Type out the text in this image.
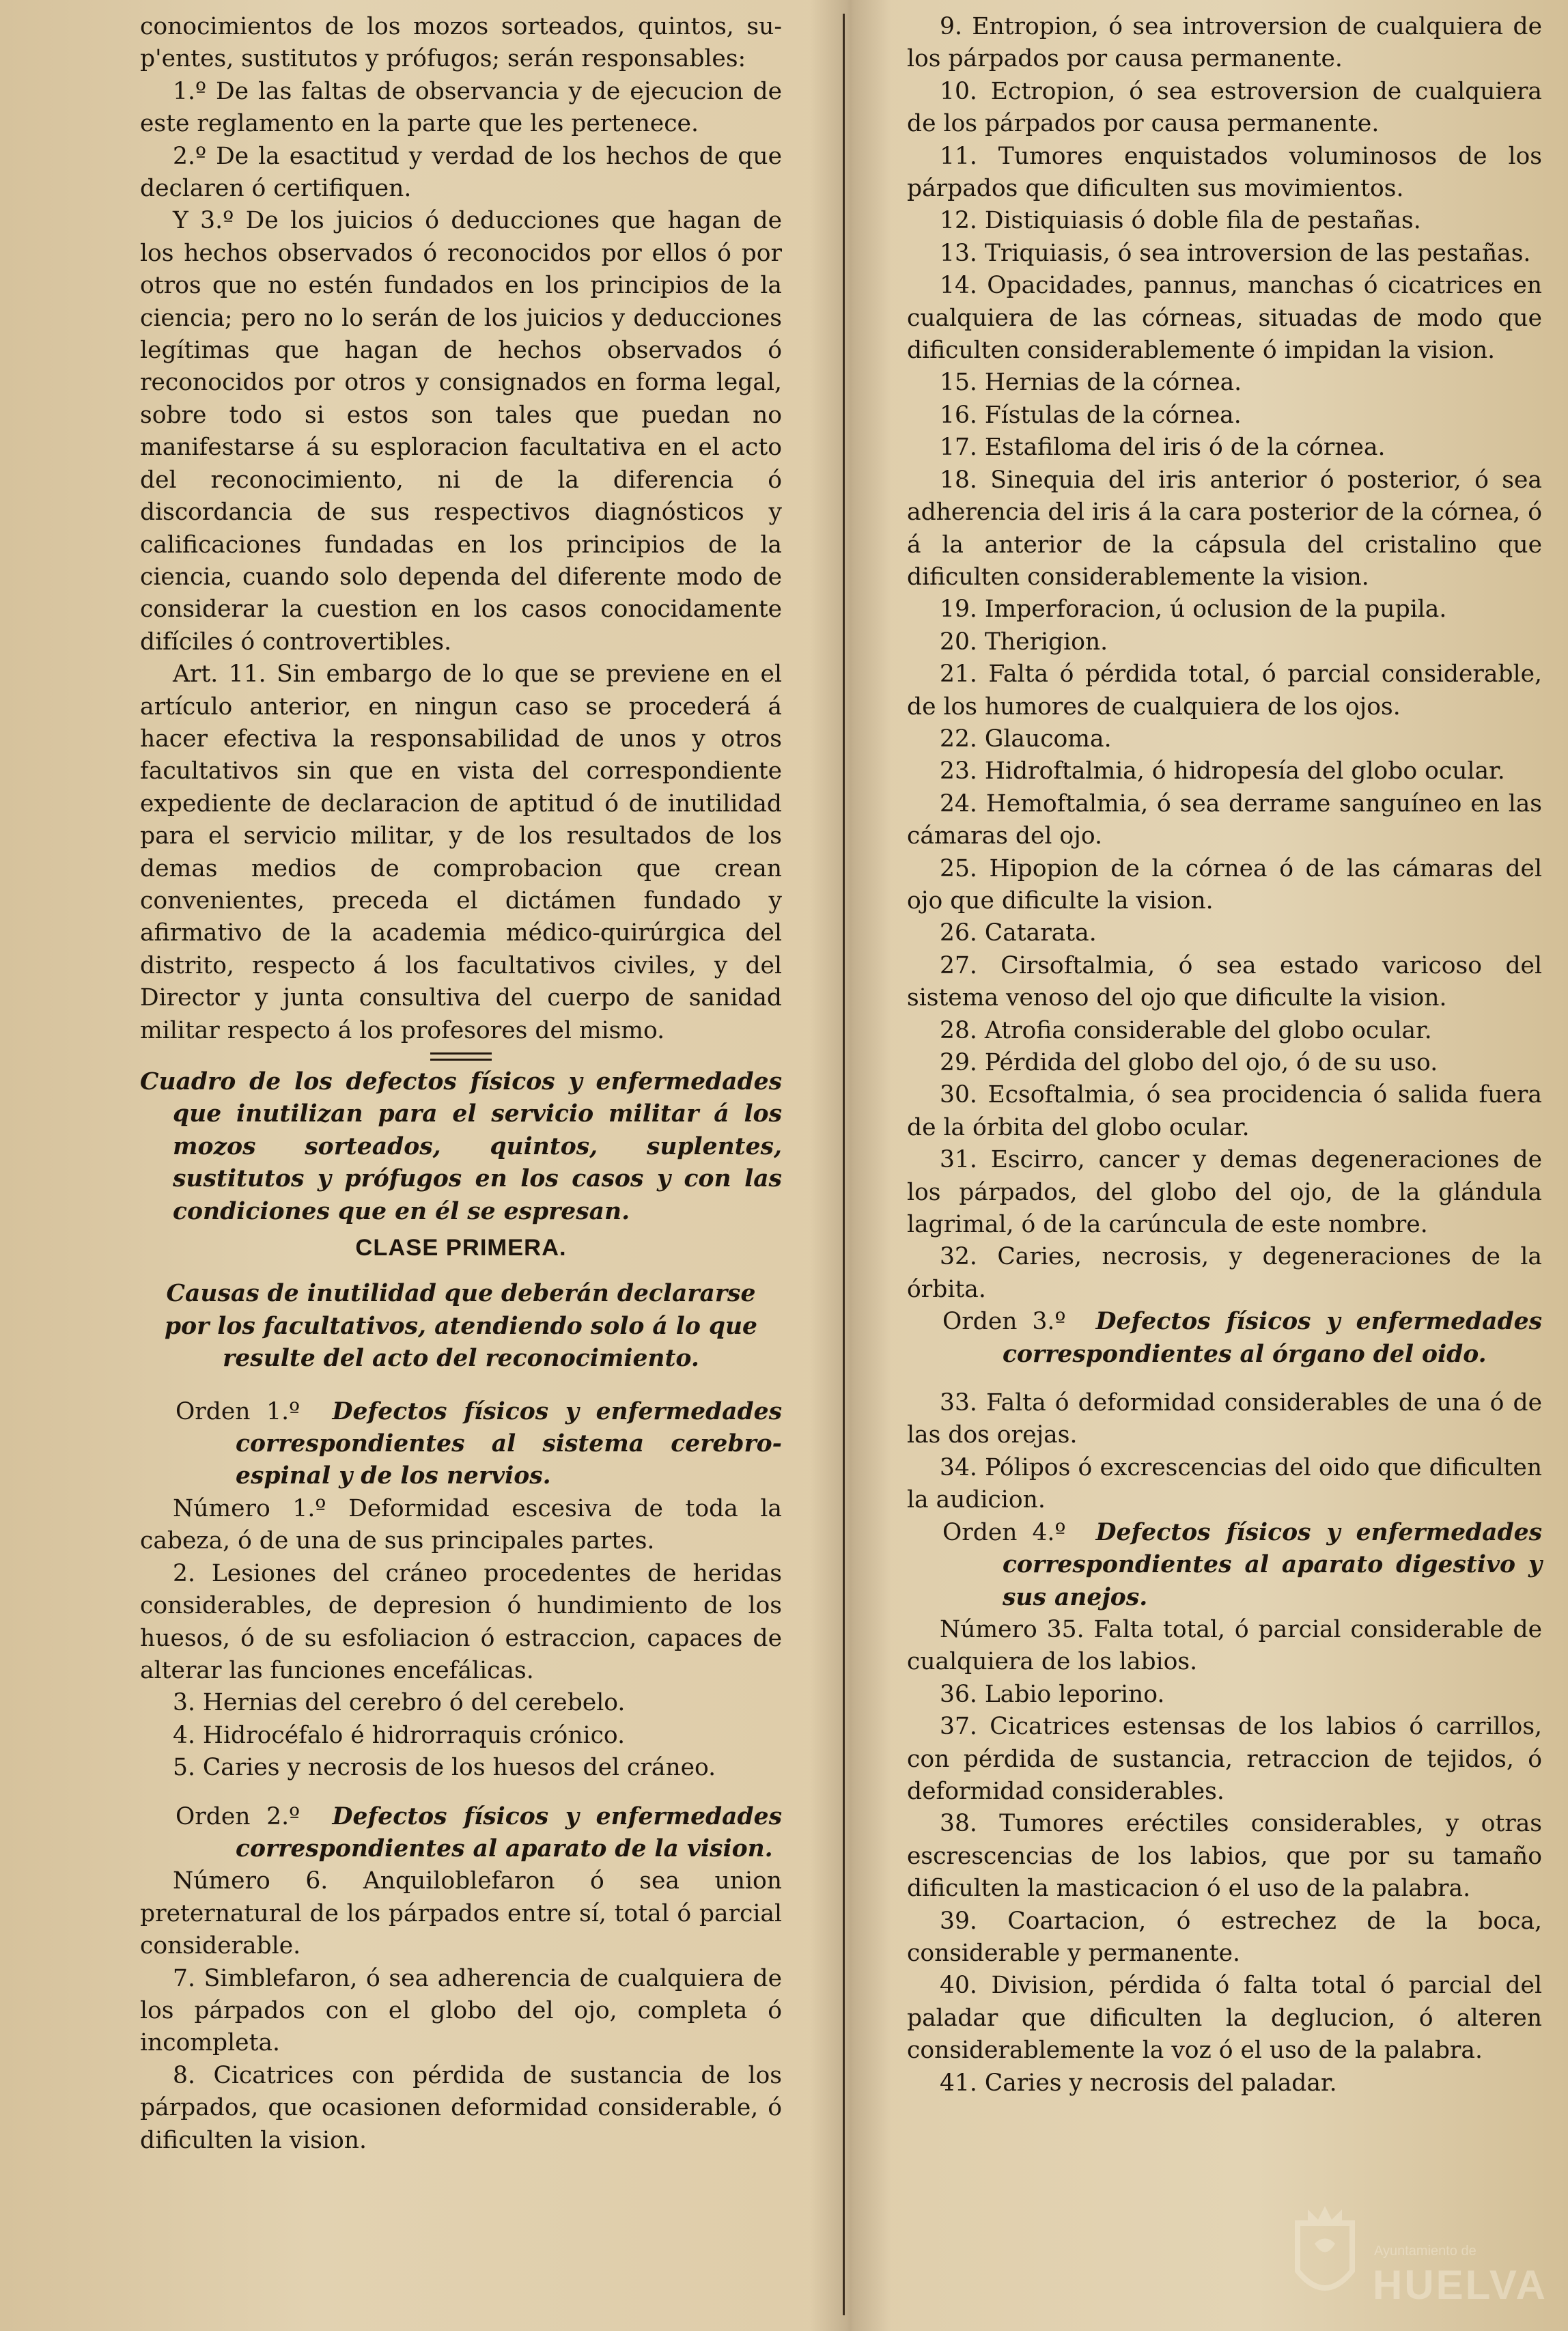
conocimientos de los mozos sorteados, quintos, su-p'entes, sustitutos y prófugos; serán responsables:

1.º De las faltas de observancia y de ejecucion de este reglamento en la parte que les pertenece.

2.º De la esactitud y verdad de los hechos de que declaren ó certifiquen.

Y 3.º De los juicios ó deducciones que hagan de los hechos observados ó reconocidos por ellos ó por otros que no estén fundados en los principios de la ciencia; pero no lo serán de los juicios y deducciones legítimas que hagan de hechos observados ó reconocidos por otros y consignados en forma legal, sobre todo si estos son tales que puedan no manifestarse á su esploracion facultativa en el acto del reconocimiento, ni de la diferencia ó discordancia de sus respectivos diagnósticos y calificaciones fundadas en los principios de la ciencia, cuando solo dependa del diferente modo de considerar la cuestion en los casos conocidamente difíciles ó controvertibles.

Art. 11. Sin embargo de lo que se previene en el artículo anterior, en ningun caso se procederá á hacer efectiva la responsabilidad de unos y otros facultativos sin que en vista del correspondiente expediente de declaracion de aptitud ó de inutilidad para el servicio militar, y de los resultados de los demas medios de comprobacion que crean convenientes, preceda el dictámen fundado y afirmativo de la academia médico-quirúrgica del distrito, respecto á los facultativos civiles, y del Director y junta consultiva del cuerpo de sanidad militar respecto á los profesores del mismo.

Cuadro de los defectos físicos y enfermedades que inutilizan para el servicio militar á los mozos sorteados, quintos, suplentes, sustitutos y prófugos en los casos y con las condiciones que en él se espresan.

CLASE PRIMERA.

Causas de inutilidad que deberán declararse por los facultativos, atendiendo solo á lo que resulte del acto del reconocimiento.

Orden 1.º Defectos físicos y enfermedades correspondientes al sistema cerebro-espinal y de los nervios.

Número 1.º Deformidad escesiva de toda la cabeza, ó de una de sus principales partes.

2. Lesiones del cráneo procedentes de heridas considerables, de depresion ó hundimiento de los huesos, ó de su esfoliacion ó estraccion, capaces de alterar las funciones encefálicas.

3. Hernias del cerebro ó del cerebelo.

4. Hidrocéfalo é hidrorraquis crónico.

5. Caries y necrosis de los huesos del cráneo.

Orden 2.º Defectos físicos y enfermedades correspondientes al aparato de la vision.

Número 6. Anquiloblefaron ó sea union preternatural de los párpados entre sí, total ó parcial considerable.

7. Simblefaron, ó sea adherencia de cualquiera de los párpados con el globo del ojo, completa ó incompleta.

8. Cicatrices con pérdida de sustancia de los párpados, que ocasionen deformidad considerable, ó dificulten la vision.

9. Entropion, ó sea introversion de cualquiera de los párpados por causa permanente.

10. Ectropion, ó sea estroversion de cualquiera de los párpados por causa permanente.

11. Tumores enquistados voluminosos de los párpados que dificulten sus movimientos.

12. Distiquiasis ó doble fila de pestañas.

13. Triquiasis, ó sea introversion de las pestañas.

14. Opacidades, pannus, manchas ó cicatrices en cualquiera de las córneas, situadas de modo que dificulten considerablemente ó impidan la vision.

15. Hernias de la córnea.

16. Fístulas de la córnea.

17. Estafiloma del iris ó de la córnea.

18. Sinequia del iris anterior ó posterior, ó sea adherencia del iris á la cara posterior de la córnea, ó á la anterior de la cápsula del cristalino que dificulten considerablemente la vision.

19. Imperforacion, ú oclusion de la pupila.

20. Therigion.

21. Falta ó pérdida total, ó parcial considerable, de los humores de cualquiera de los ojos.

22. Glaucoma.

23. Hidroftalmia, ó hidropesía del globo ocular.

24. Hemoftalmia, ó sea derrame sanguíneo en las cámaras del ojo.

25. Hipopion de la córnea ó de las cámaras del ojo que dificulte la vision.

26. Catarata.

27. Cirsoftalmia, ó sea estado varicoso del sistema venoso del ojo que dificulte la vision.

28. Atrofia considerable del globo ocular.

29. Pérdida del globo del ojo, ó de su uso.

30. Ecsoftalmia, ó sea procidencia ó salida fuera de la órbita del globo ocular.

31. Escirro, cancer y demas degeneraciones de los párpados, del globo del ojo, de la glándula lagrimal, ó de la carúncula de este nombre.

32. Caries, necrosis, y degeneraciones de la órbita.

Orden 3.º Defectos físicos y enfermedades correspondientes al órgano del oido.

33. Falta ó deformidad considerables de una ó de las dos orejas.

34. Pólipos ó excrescencias del oido que dificulten la audicion.

Orden 4.º Defectos físicos y enfermedades correspondientes al aparato digestivo y sus anejos.

Número 35. Falta total, ó parcial considerable de cualquiera de los labios.

36. Labio leporino.

37. Cicatrices estensas de los labios ó carrillos, con pérdida de sustancia, retraccion de tejidos, ó deformidad considerables.

38. Tumores eréctiles considerables, y otras escrescencias de los labios, que por su tamaño dificulten la masticacion ó el uso de la palabra.

39. Coartacion, ó estrechez de la boca, considerable y permanente.

40. Division, pérdida ó falta total ó parcial del paladar que dificulten la deglucion, ó alteren considerablemente la voz ó el uso de la palabra.

41. Caries y necrosis del paladar.

Ayuntamiento de
HUELVA
